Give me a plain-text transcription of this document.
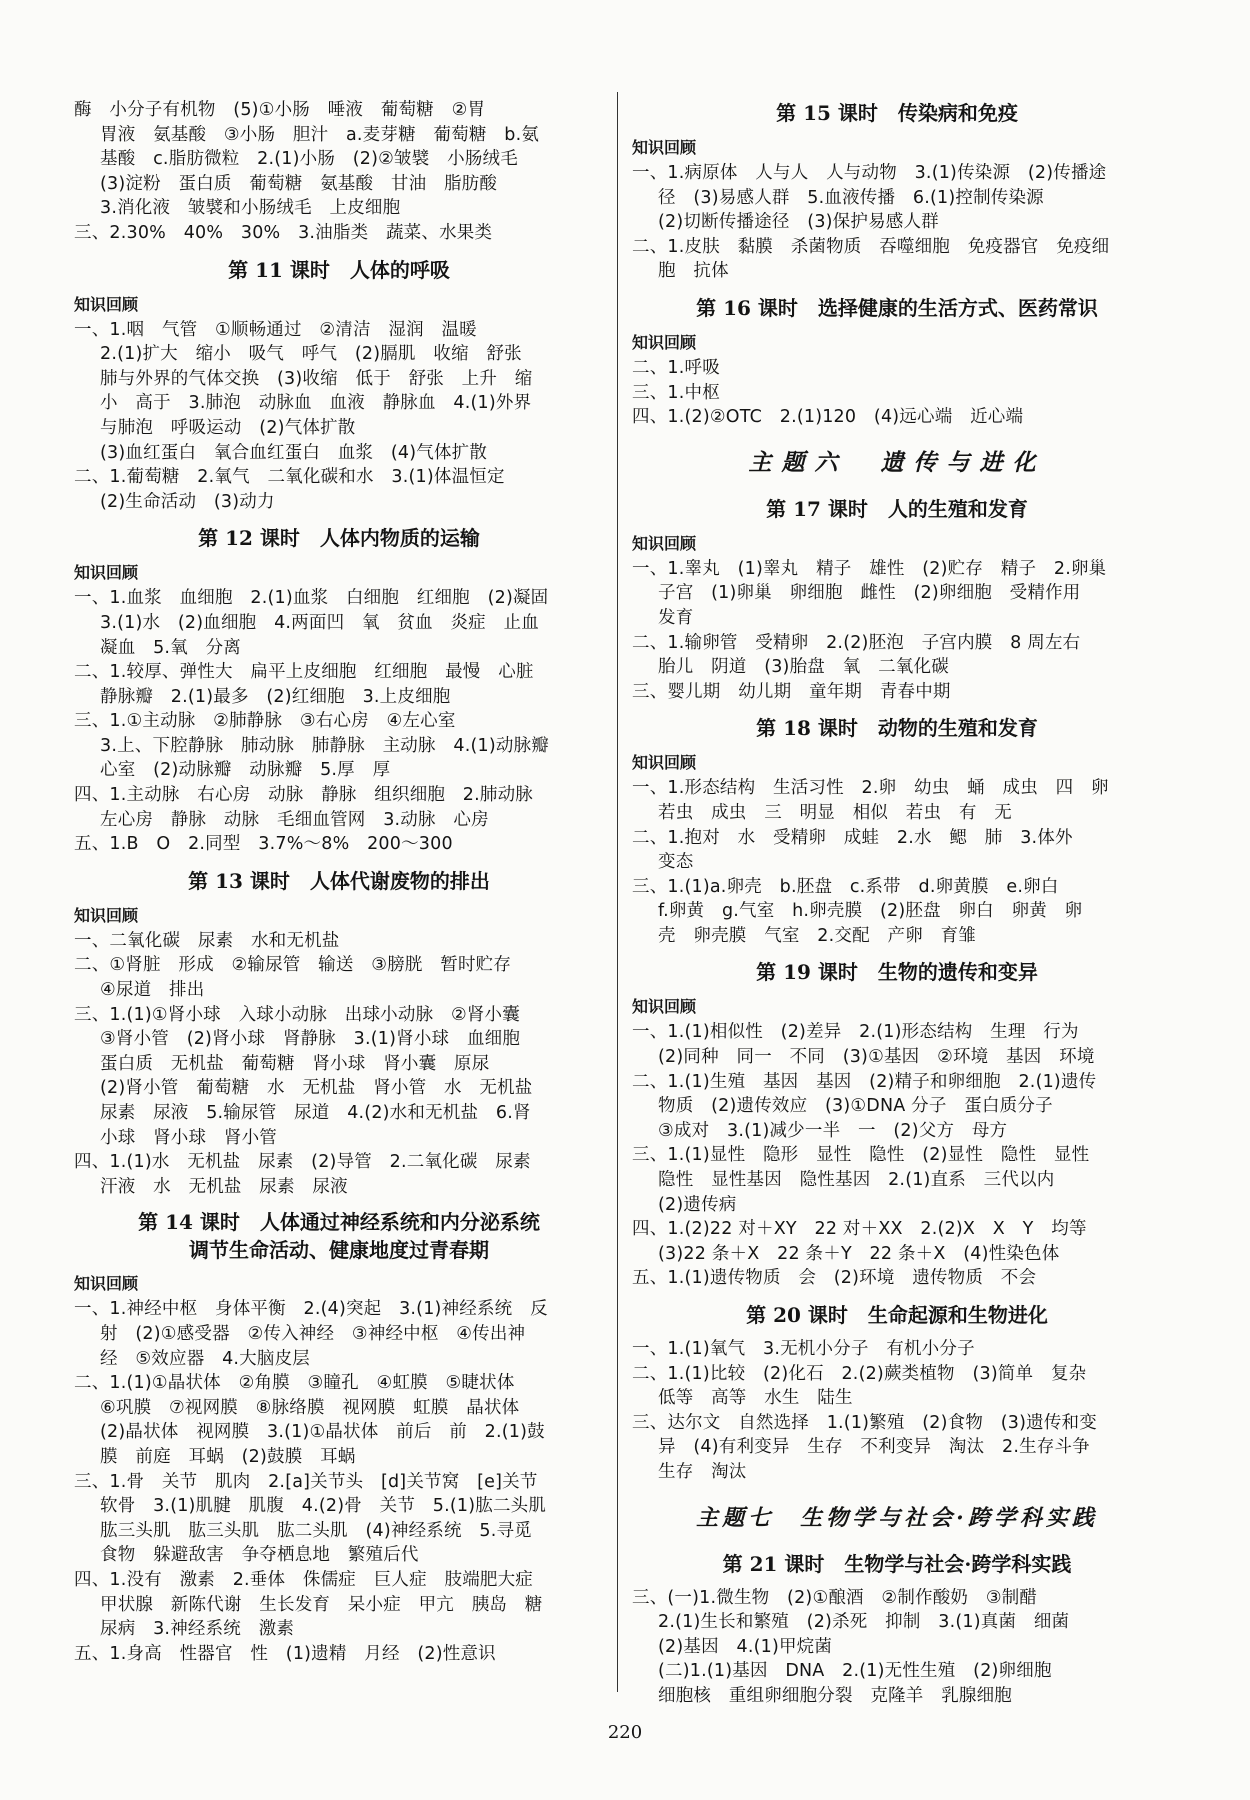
酶　小分子有机物　(5)①小肠　唾液　葡萄糖　②胃
胃液　氨基酸　③小肠　胆汁　a.麦芽糖　葡萄糖　b.氨
基酸　c.脂肪微粒　2.(1)小肠　(2)②皱襞　小肠绒毛
(3)淀粉　蛋白质　葡萄糖　氨基酸　甘油　脂肪酸
3.消化液　皱襞和小肠绒毛　上皮细胞
三、2.30%　40%　30%　3.油脂类　蔬菜、水果类
第 11 课时　人体的呼吸
知识回顾
一、1.咽　气管　①顺畅通过　②清洁　湿润　温暖
2.(1)扩大　缩小　吸气　呼气　(2)膈肌　收缩　舒张
肺与外界的气体交换　(3)收缩　低于　舒张　上升　缩
小　高于　3.肺泡　动脉血　血液　静脉血　4.(1)外界
与肺泡　呼吸运动　(2)气体扩散
(3)血红蛋白　氧合血红蛋白　血浆　(4)气体扩散
二、1.葡萄糖　2.氧气　二氧化碳和水　3.(1)体温恒定
(2)生命活动　(3)动力
第 12 课时　人体内物质的运输
知识回顾
一、1.血浆　血细胞　2.(1)血浆　白细胞　红细胞　(2)凝固
3.(1)水　(2)血细胞　4.两面凹　氧　贫血　炎症　止血
凝血　5.氧　分离
二、1.较厚、弹性大　扁平上皮细胞　红细胞　最慢　心脏
静脉瓣　2.(1)最多　(2)红细胞　3.上皮细胞
三、1.①主动脉　②肺静脉　③右心房　④左心室
3.上、下腔静脉　肺动脉　肺静脉　主动脉　4.(1)动脉瓣
心室　(2)动脉瓣　动脉瓣　5.厚　厚
四、1.主动脉　右心房　动脉　静脉　组织细胞　2.肺动脉
左心房　静脉　动脉　毛细血管网　3.动脉　心房
五、1.B　O　2.同型　3.7%～8%　200～300
第 13 课时　人体代谢废物的排出
知识回顾
一、二氧化碳　尿素　水和无机盐
二、①肾脏　形成　②输尿管　输送　③膀胱　暂时贮存
④尿道　排出
三、1.(1)①肾小球　入球小动脉　出球小动脉　②肾小囊
③肾小管　(2)肾小球　肾静脉　3.(1)肾小球　血细胞
蛋白质　无机盐　葡萄糖　肾小球　肾小囊　原尿
(2)肾小管　葡萄糖　水　无机盐　肾小管　水　无机盐
尿素　尿液　5.输尿管　尿道　4.(2)水和无机盐　6.肾
小球　肾小球　肾小管
四、1.(1)水　无机盐　尿素　(2)导管　2.二氧化碳　尿素
汗液　水　无机盐　尿素　尿液
第 14 课时　人体通过神经系统和内分泌系统
调节生命活动、健康地度过青春期
知识回顾
一、1.神经中枢　身体平衡　2.(4)突起　3.(1)神经系统　反
射　(2)①感受器　②传入神经　③神经中枢　④传出神
经　⑤效应器　4.大脑皮层
二、1.(1)①晶状体　②角膜　③瞳孔　④虹膜　⑤睫状体
⑥巩膜　⑦视网膜　⑧脉络膜　视网膜　虹膜　晶状体
(2)晶状体　视网膜　3.(1)①晶状体　前后　前　2.(1)鼓
膜　前庭　耳蜗　(2)鼓膜　耳蜗
三、1.骨　关节　肌肉　2.[a]关节头　[d]关节窝　[e]关节
软骨　3.(1)肌腱　肌腹　4.(2)骨　关节　5.(1)肱二头肌
肱三头肌　肱三头肌　肱二头肌　(4)神经系统　5.寻觅
食物　躲避敌害　争夺栖息地　繁殖后代
四、1.没有　激素　2.垂体　侏儒症　巨人症　肢端肥大症
甲状腺　新陈代谢　生长发育　呆小症　甲亢　胰岛　糖
尿病　3.神经系统　激素
五、1.身高　性器官　性　(1)遗精　月经　(2)性意识
第 15 课时　传染病和免疫
知识回顾
一、1.病原体　人与人　人与动物　3.(1)传染源　(2)传播途
径　(3)易感人群　5.血液传播　6.(1)控制传染源
(2)切断传播途径　(3)保护易感人群
二、1.皮肤　黏膜　杀菌物质　吞噬细胞　免疫器官　免疫细
胞　抗体
第 16 课时　选择健康的生活方式、医药常识
知识回顾
二、1.呼吸
三、1.中枢
四、1.(2)②OTC　2.(1)120　(4)远心端　近心端
主题六　遗传与进化
第 17 课时　人的生殖和发育
知识回顾
一、1.睾丸　(1)睾丸　精子　雄性　(2)贮存　精子　2.卵巢
子宫　(1)卵巢　卵细胞　雌性　(2)卵细胞　受精作用
发育
二、1.输卵管　受精卵　2.(2)胚泡　子宫内膜　8 周左右
胎儿　阴道　(3)胎盘　氧　二氧化碳
三、婴儿期　幼儿期　童年期　青春中期
第 18 课时　动物的生殖和发育
知识回顾
一、1.形态结构　生活习性　2.卵　幼虫　蛹　成虫　四　卵
若虫　成虫　三　明显　相似　若虫　有　无
二、1.抱对　水　受精卵　成蛙　2.水　鳃　肺　3.体外
变态
三、1.(1)a.卵壳　b.胚盘　c.系带　d.卵黄膜　e.卵白
f.卵黄　g.气室　h.卵壳膜　(2)胚盘　卵白　卵黄　卵
壳　卵壳膜　气室　2.交配　产卵　育雏
第 19 课时　生物的遗传和变异
知识回顾
一、1.(1)相似性　(2)差异　2.(1)形态结构　生理　行为
(2)同种　同一　不同　(3)①基因　②环境　基因　环境
二、1.(1)生殖　基因　基因　(2)精子和卵细胞　2.(1)遗传
物质　(2)遗传效应　(3)①DNA 分子　蛋白质分子
③成对　3.(1)减少一半　一　(2)父方　母方
三、1.(1)显性　隐形　显性　隐性　(2)显性　隐性　显性
隐性　显性基因　隐性基因　2.(1)直系　三代以内
(2)遗传病
四、1.(2)22 对＋XY　22 对＋XX　2.(2)X　X　Y　均等
(3)22 条＋X　22 条＋Y　22 条＋X　(4)性染色体
五、1.(1)遗传物质　会　(2)环境　遗传物质　不会
第 20 课时　生命起源和生物进化
一、1.(1)氧气　3.无机小分子　有机小分子
二、1.(1)比较　(2)化石　2.(2)蕨类植物　(3)简单　复杂
低等　高等　水生　陆生
三、达尔文　自然选择　1.(1)繁殖　(2)食物　(3)遗传和变
异　(4)有利变异　生存　不利变异　淘汰　2.生存斗争
生存　淘汰
主题七　生物学与社会·跨学科实践
第 21 课时　生物学与社会·跨学科实践
三、(一)1.微生物　(2)①酿酒　②制作酸奶　③制醋
2.(1)生长和繁殖　(2)杀死　抑制　3.(1)真菌　细菌
(2)基因　4.(1)甲烷菌
(二)1.(1)基因　DNA　2.(1)无性生殖　(2)卵细胞
细胞核　重组卵细胞分裂　克隆羊　乳腺细胞
220
